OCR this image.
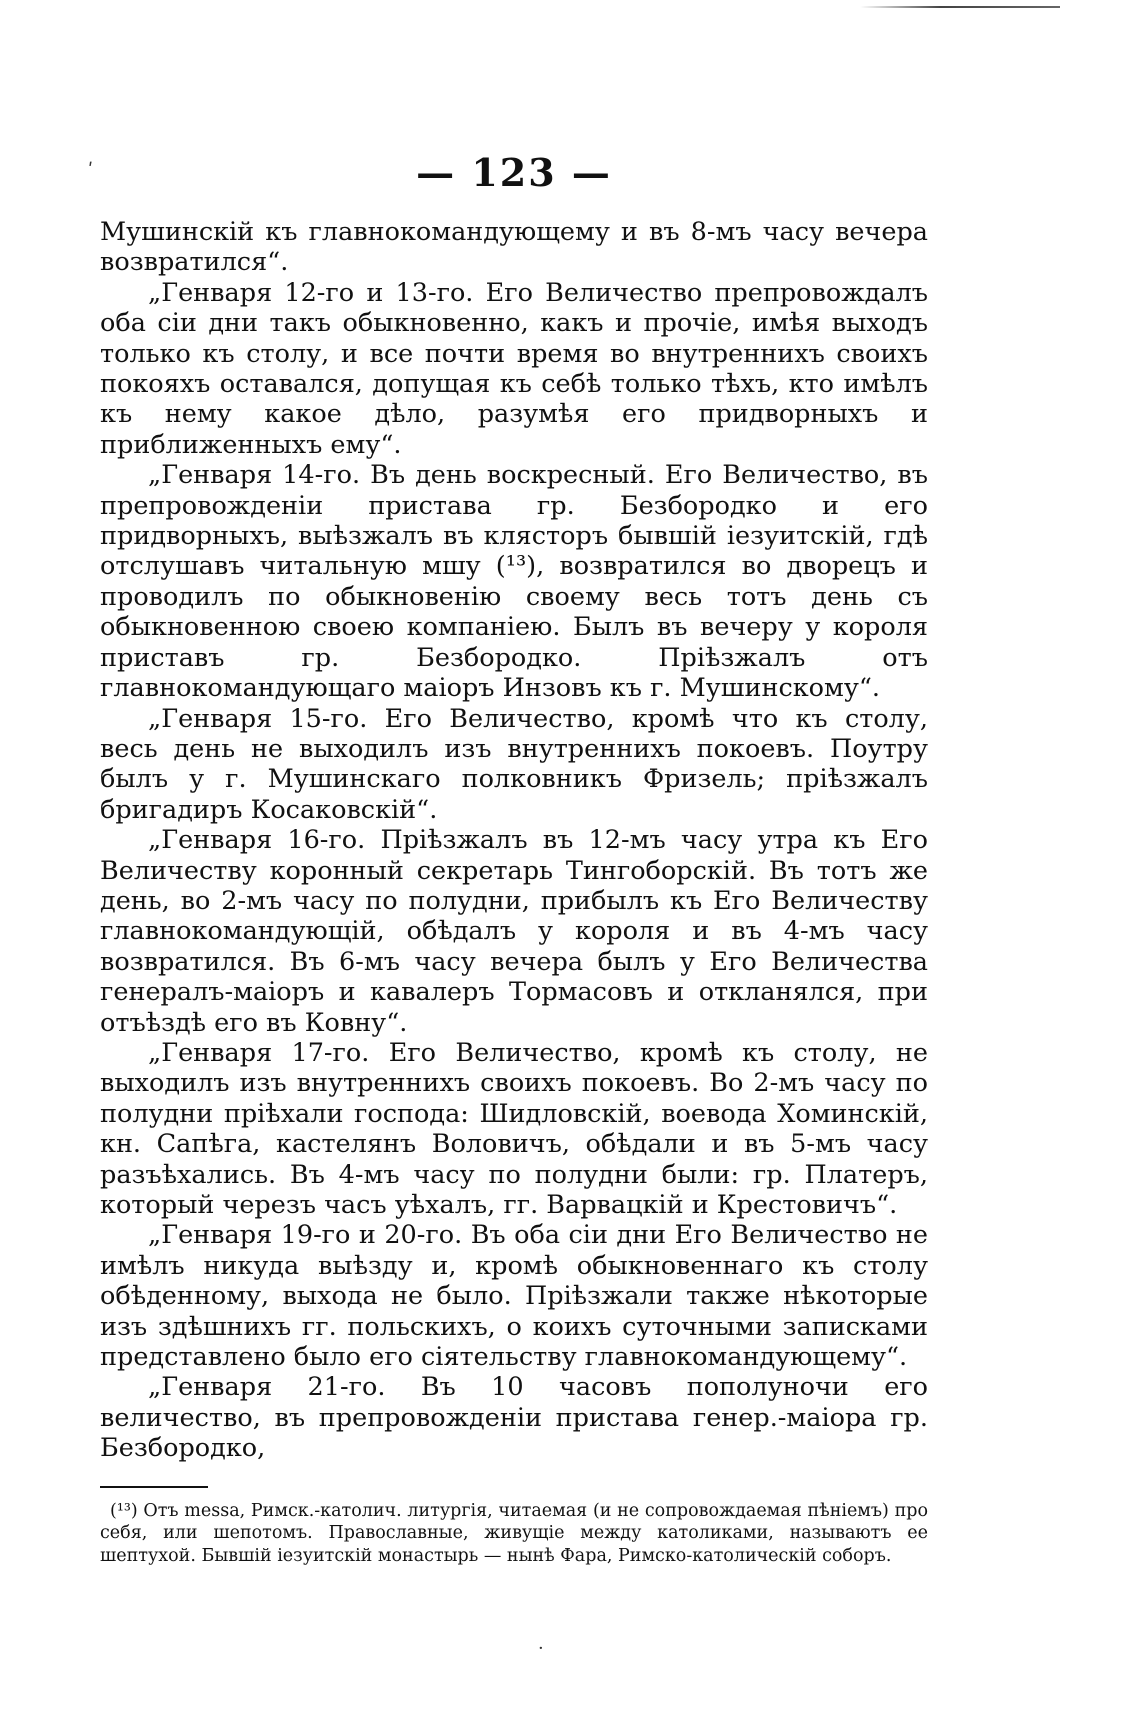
ʹ
·
— 123 —

Мушинскій къ главнокомандующему и въ 8-мъ часу вечера возвратился“.

„Генваря 12-го и 13-го. Его Величество препровождалъ оба сіи дни такъ обыкновенно, какъ и прочіе, имѣя выходъ только къ столу, и все почти время во внутреннихъ своихъ покояхъ оставался, допущая къ себѣ только тѣхъ, кто имѣлъ къ нему какое дѣло, разумѣя его придворныхъ и приближенныхъ ему“.

„Генваря 14-го. Въ день воскресный. Его Величество, въ препровожденіи пристава гр. Безбородко и его придворныхъ, выѣзжалъ въ клясторъ бывшій іезуитскій, гдѣ отслушавъ читальную мшу (¹³), возвратился во дворецъ и проводилъ по обыкновенію своему весь тотъ день съ обыкновенною своею компаніею. Былъ въ вечеру у короля приставъ гр. Безбородко. Пріѣзжалъ отъ главнокомандующаго маіоръ Инзовъ къ г. Мушинскому“.

„Генваря 15-го. Его Величество, кромѣ что къ столу, весь день не выходилъ изъ внутреннихъ покоевъ. Поутру былъ у г. Мушинскаго полковникъ Фризель; пріѣзжалъ бригадиръ Косаковскій“.

„Генваря 16-го. Пріѣзжалъ въ 12-мъ часу утра къ Его Величеству коронный секретарь Тингоборскій. Въ тотъ же день, во 2-мъ часу по полудни, прибылъ къ Его Величеству главнокомандующій, обѣдалъ у короля и въ 4-мъ часу возвратился. Въ 6-мъ часу вечера былъ у Его Величества генералъ-маіоръ и кавалеръ Тормасовъ и откланялся, при отъѣздѣ его въ Ковну“.

„Генваря 17-го. Его Величество, кромѣ къ столу, не выходилъ изъ внутреннихъ своихъ покоевъ. Во 2-мъ часу по полудни пріѣхали господа: Шидловскій, воевода Хоминскій, кн. Сапѣга, кастелянъ Воловичъ, обѣдали и въ 5-мъ часу разъѣхались. Въ 4-мъ часу по полудни были: гр. Платеръ, который черезъ часъ уѣхалъ, гг. Варвацкій и Крестовичъ“.

„Генваря 19-го и 20-го. Въ оба сіи дни Его Величество не имѣлъ никуда выѣзду и, кромѣ обыкновеннаго къ столу обѣденному, выхода не было. Пріѣзжали также нѣкоторые изъ здѣшнихъ гг. польскихъ, о коихъ суточными записками представлено было его сіятельству главнокомандующему“.

„Генваря 21-го. Въ 10 часовъ пополуночи его величество, въ препровожденіи пристава генер.-маіора гр. Безбородко,

(¹³) Отъ messa, Римск.-католич. литургія, читаемая (и не сопровождаемая пѣніемъ) про себя, или шепотомъ. Православные, живущіе между католиками, называютъ ее шептухой. Бывшій іезуитскій монастырь — нынѣ Фара, Римско-католическій соборъ.
